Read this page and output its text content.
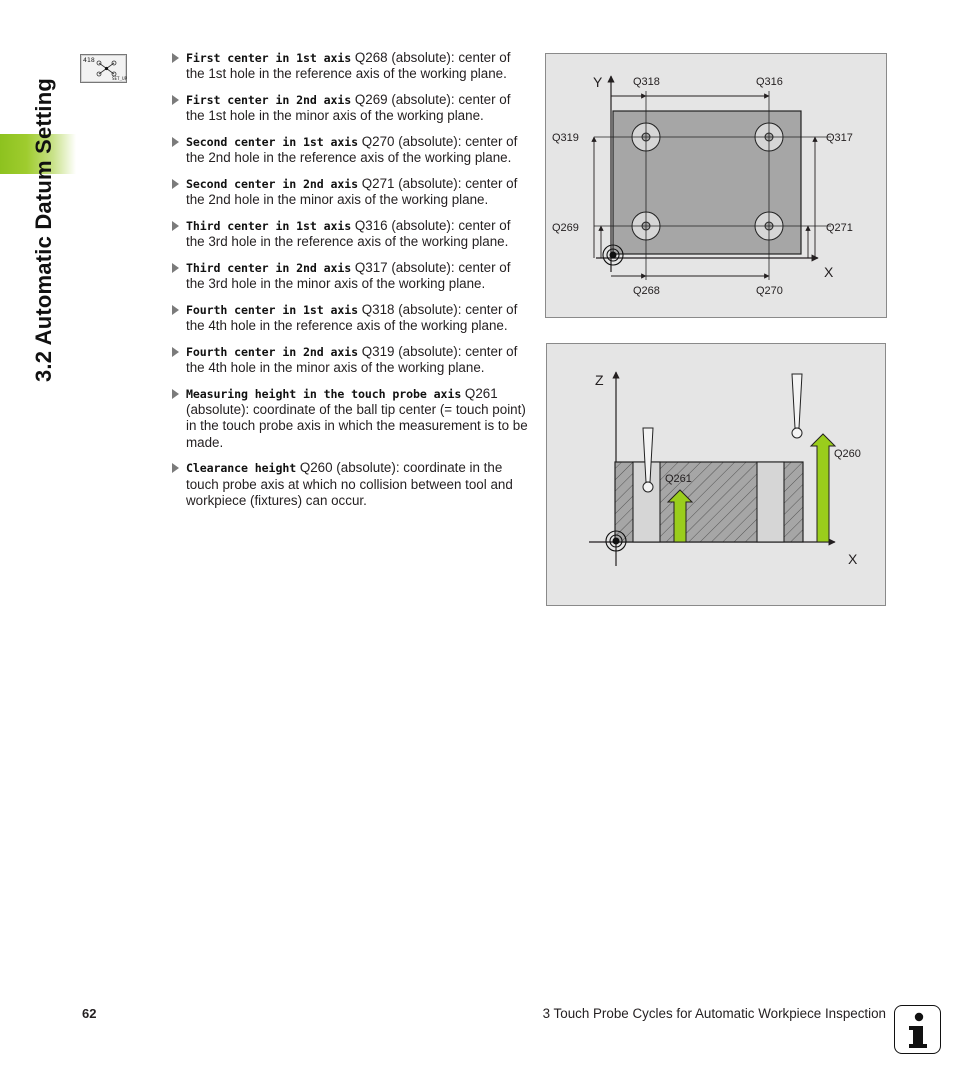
3.2 Automatic Datum Setting
418
SET_UP
First center in 1st axis Q268 (absolute): center of the 1st hole in the reference axis of the working plane.
First center in 2nd axis Q269 (absolute): center of the 1st hole in the minor axis of the working plane.
Second center in 1st axis Q270 (absolute): center of the 2nd hole in the reference axis of the working plane.
Second center in 2nd axis Q271 (absolute): center of the 2nd hole in the minor axis of the working plane.
Third center in 1st axis Q316 (absolute): center of the 3rd hole in the reference axis of the working plane.
Third center in 2nd axis Q317 (absolute): center of the 3rd hole in the minor axis of the working plane.
Fourth center in 1st axis Q318 (absolute): center of the 4th hole in the reference axis of the working plane.
Fourth center in 2nd axis Q319 (absolute): center of the 4th hole in the minor axis of the working plane.
Measuring height in the touch probe axis Q261 (absolute): coordinate of the ball tip center (= touch point) in the touch probe axis in which the measurement is to be made.
Clearance height Q260 (absolute): coordinate in the touch probe axis at which no collision between tool and workpiece (fixtures) can occur.
Y
X
Q318	Q316
Q319	Q317
Q269	Q271
Q268	Q270
Z
X
Q261
Q260
62	3 Touch Probe Cycles for Automatic Workpiece Inspection
